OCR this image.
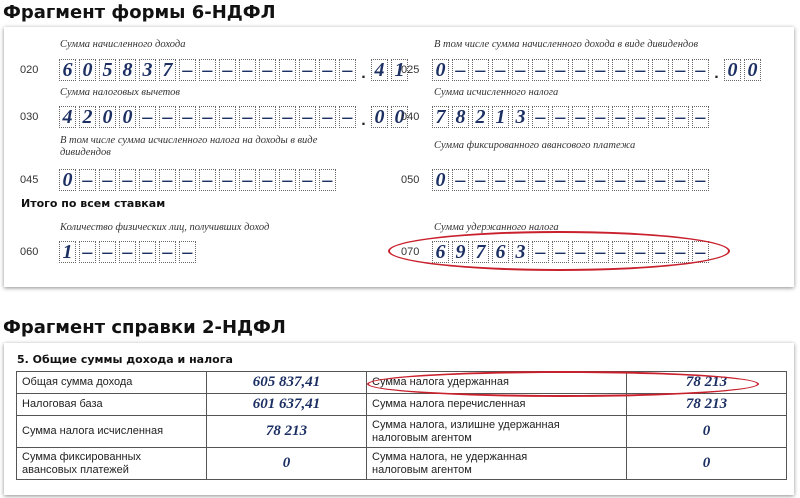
Фрагмент формы 6-НДФЛ
Сумма начисленного дохода
020 6 0 5 8 3 7 – – – – – – – – – . 4 1
В том числе сумма начисленного дохода в виде дивидендов
025 0 – – – – – – – – – – – – – . 0 0
Сумма налоговых вычетов
030 4 2 0 0 – – – – – – – – – – – . 0 0
Сумма исчисленного налога
040 7 8 2 1 3 – – – – – – – – –
В том числе сумма исчисленного налога на доходы в виде
дивидендов
045 0 – – – – – – – – – – – – –
Сумма фиксированного авансового платежа
050 0 – – – – – – – – – – – – –
Итого по всем ставкам
Количество физических лиц, получивших доход
060 1 – – – – – –
Сумма удержанного налога
070 6 9 7 6 3 – – – – – – – – –
Фрагмент справки 2-НДФЛ
5. Общие суммы дохода и налога
Общая сумма дохода	605 837,41	Сумма налога удержанная	78 213
Налоговая база	601 637,41	Сумма налога перечисленная	78 213
Сумма налога исчисленная	78 213	Сумма налога, излишне удержанная
налоговым агентом	0
Сумма фиксированных
авансовых платежей	0	Сумма налога, не удержанная
налоговым агентом	0
